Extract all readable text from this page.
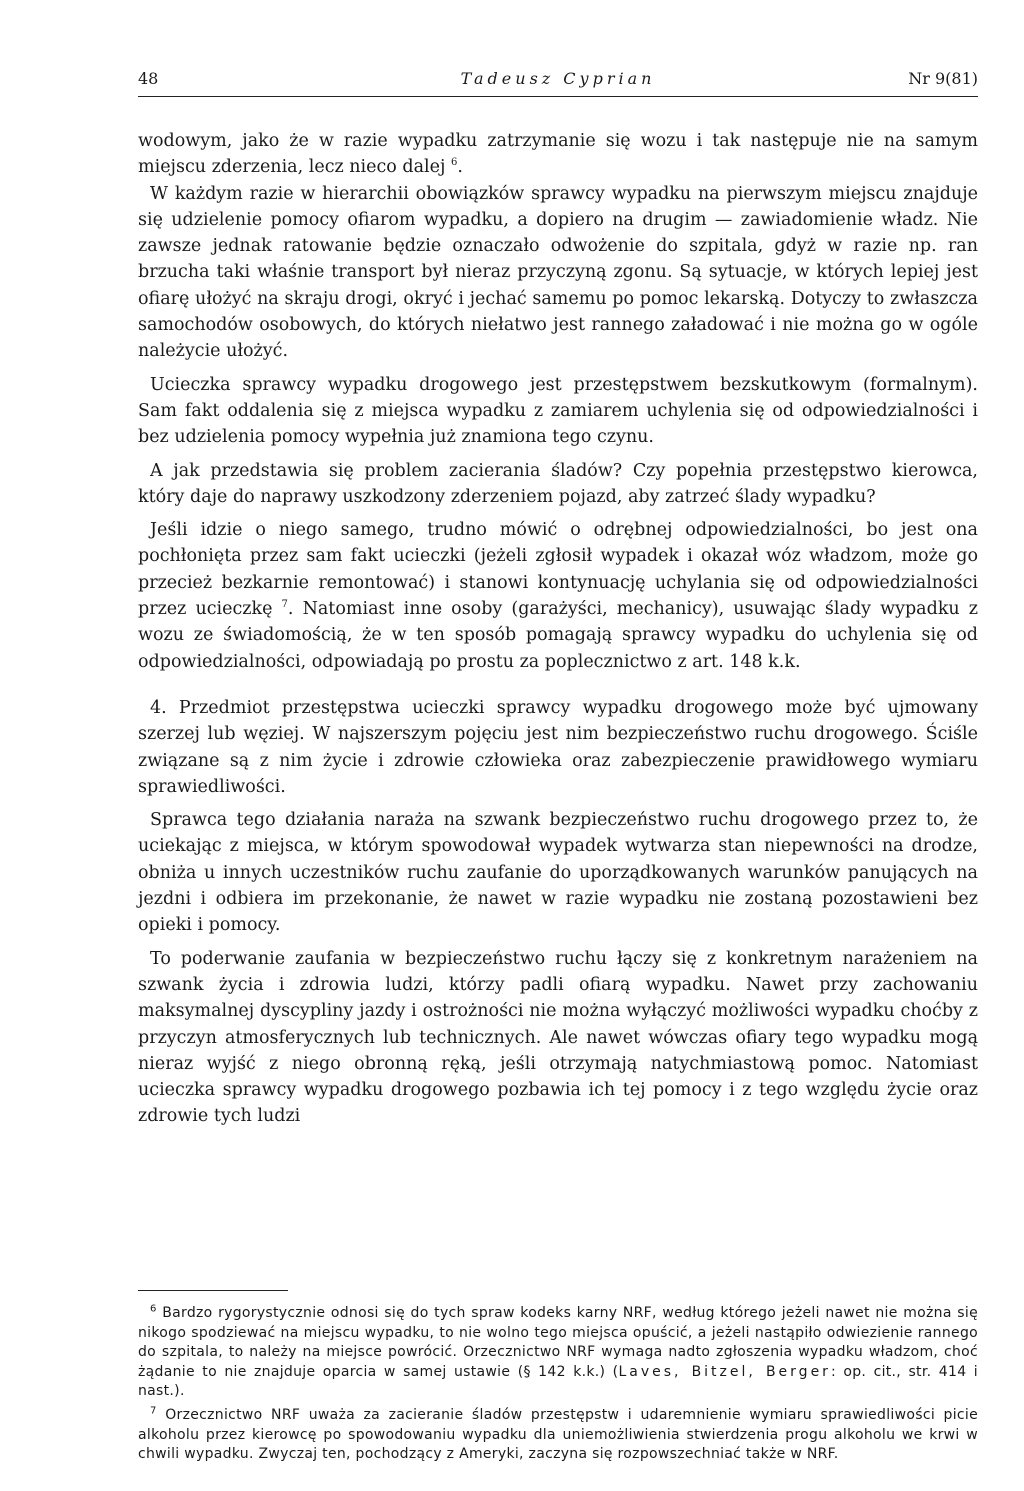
48	Tadeusz Cyprian	Nr 9(81)

wodowym, jako że w razie wypadku zatrzymanie się wozu i tak następuje nie na samym miejscu zderzenia, lecz nieco dalej $^6$.

W każdym razie w hierarchii obowiązków sprawcy wypadku na pierwszym miejscu znajduje się udzielenie pomocy ofiarom wypadku, a dopiero na drugim — zawiadomienie władz. Nie zawsze jednak ratowanie będzie oznaczało odwożenie do szpitala, gdyż w razie np. ran brzucha taki właśnie transport był nieraz przyczyną zgonu. Są sytuacje, w których lepiej jest ofiarę ułożyć na skraju drogi, okryć i jechać samemu po pomoc lekarską. Dotyczy to zwłaszcza samochodów osobowych, do których niełatwo jest rannego załadować i nie można go w ogóle należycie ułożyć.

Ucieczka sprawcy wypadku drogowego jest przestępstwem bezskutkowym (formalnym). Sam fakt oddalenia się z miejsca wypadku z zamiarem uchylenia się od odpowiedzialności i bez udzielenia pomocy wypełnia już znamiona tego czynu.

A jak przedstawia się problem zacierania śladów? Czy popełnia przestępstwo kierowca, który daje do naprawy uszkodzony zderzeniem pojazd, aby zatrzeć ślady wypadku?

Jeśli idzie o niego samego, trudno mówić o odrębnej odpowiedzialności, bo jest ona pochłonięta przez sam fakt ucieczki (jeżeli zgłosił wypadek i okazał wóz władzom, może go przecież bezkarnie remontować) i stanowi kontynuację uchylania się od odpowiedzialności przez ucieczkę $^7$. Natomiast inne osoby (garażyści, mechanicy), usuwając ślady wypadku z wozu ze świadomością, że w ten sposób pomagają sprawcy wypadku do uchylenia się od odpowiedzialności, odpowiadają po prostu za poplecznictwo z art. 148 k.k.

4. Przedmiot przestępstwa ucieczki sprawcy wypadku drogowego może być ujmowany szerzej lub węziej. W najszerszym pojęciu jest nim bezpieczeństwo ruchu drogowego. Ściśle związane są z nim życie i zdrowie człowieka oraz zabezpieczenie prawidłowego wymiaru sprawiedliwości.

Sprawca tego działania naraża na szwank bezpieczeństwo ruchu drogowego przez to, że uciekając z miejsca, w którym spowodował wypadek wytwarza stan niepewności na drodze, obniża u innych uczestników ruchu zaufanie do uporządkowanych warunków panujących na jezdni i odbiera im przekonanie, że nawet w razie wypadku nie zostaną pozostawieni bez opieki i pomocy.

To poderwanie zaufania w bezpieczeństwo ruchu łączy się z konkretnym narażeniem na szwank życia i zdrowia ludzi, którzy padli ofiarą wypadku. Nawet przy zachowaniu maksymalnej dyscypliny jazdy i ostrożności nie można wyłączyć możliwości wypadku choćby z przyczyn atmosferycznych lub technicznych. Ale nawet wówczas ofiary tego wypadku mogą nieraz wyjść z niego obronną ręką, jeśli otrzymają natychmiastową pomoc. Natomiast ucieczka sprawcy wypadku drogowego pozbawia ich tej pomocy i z tego względu życie oraz zdrowie tych ludzi

$^6$ Bardzo rygorystycznie odnosi się do tych spraw kodeks karny NRF, według którego jeżeli nawet nie można się nikogo spodziewać na miejscu wypadku, to nie wolno tego miejsca opuścić, a jeżeli nastąpiło odwiezienie rannego do szpitala, to należy na miejsce powrócić. Orzecznictwo NRF wymaga nadto zgłoszenia wypadku władzom, choć żądanie to nie znajduje oparcia w samej ustawie (§ 142 k.k.) (Laves, Bitzel, Berger: op. cit., str. 414 i nast.).

$^7$ Orzecznictwo NRF uważa za zacieranie śladów przestępstw i udaremnienie wymiaru sprawiedliwości picie alkoholu przez kierowcę po spowodowaniu wypadku dla uniemożliwienia stwierdzenia progu alkoholu we krwi w chwili wypadku. Zwyczaj ten, pochodzący z Ameryki, zaczyna się rozpowszechniać także w NRF.
